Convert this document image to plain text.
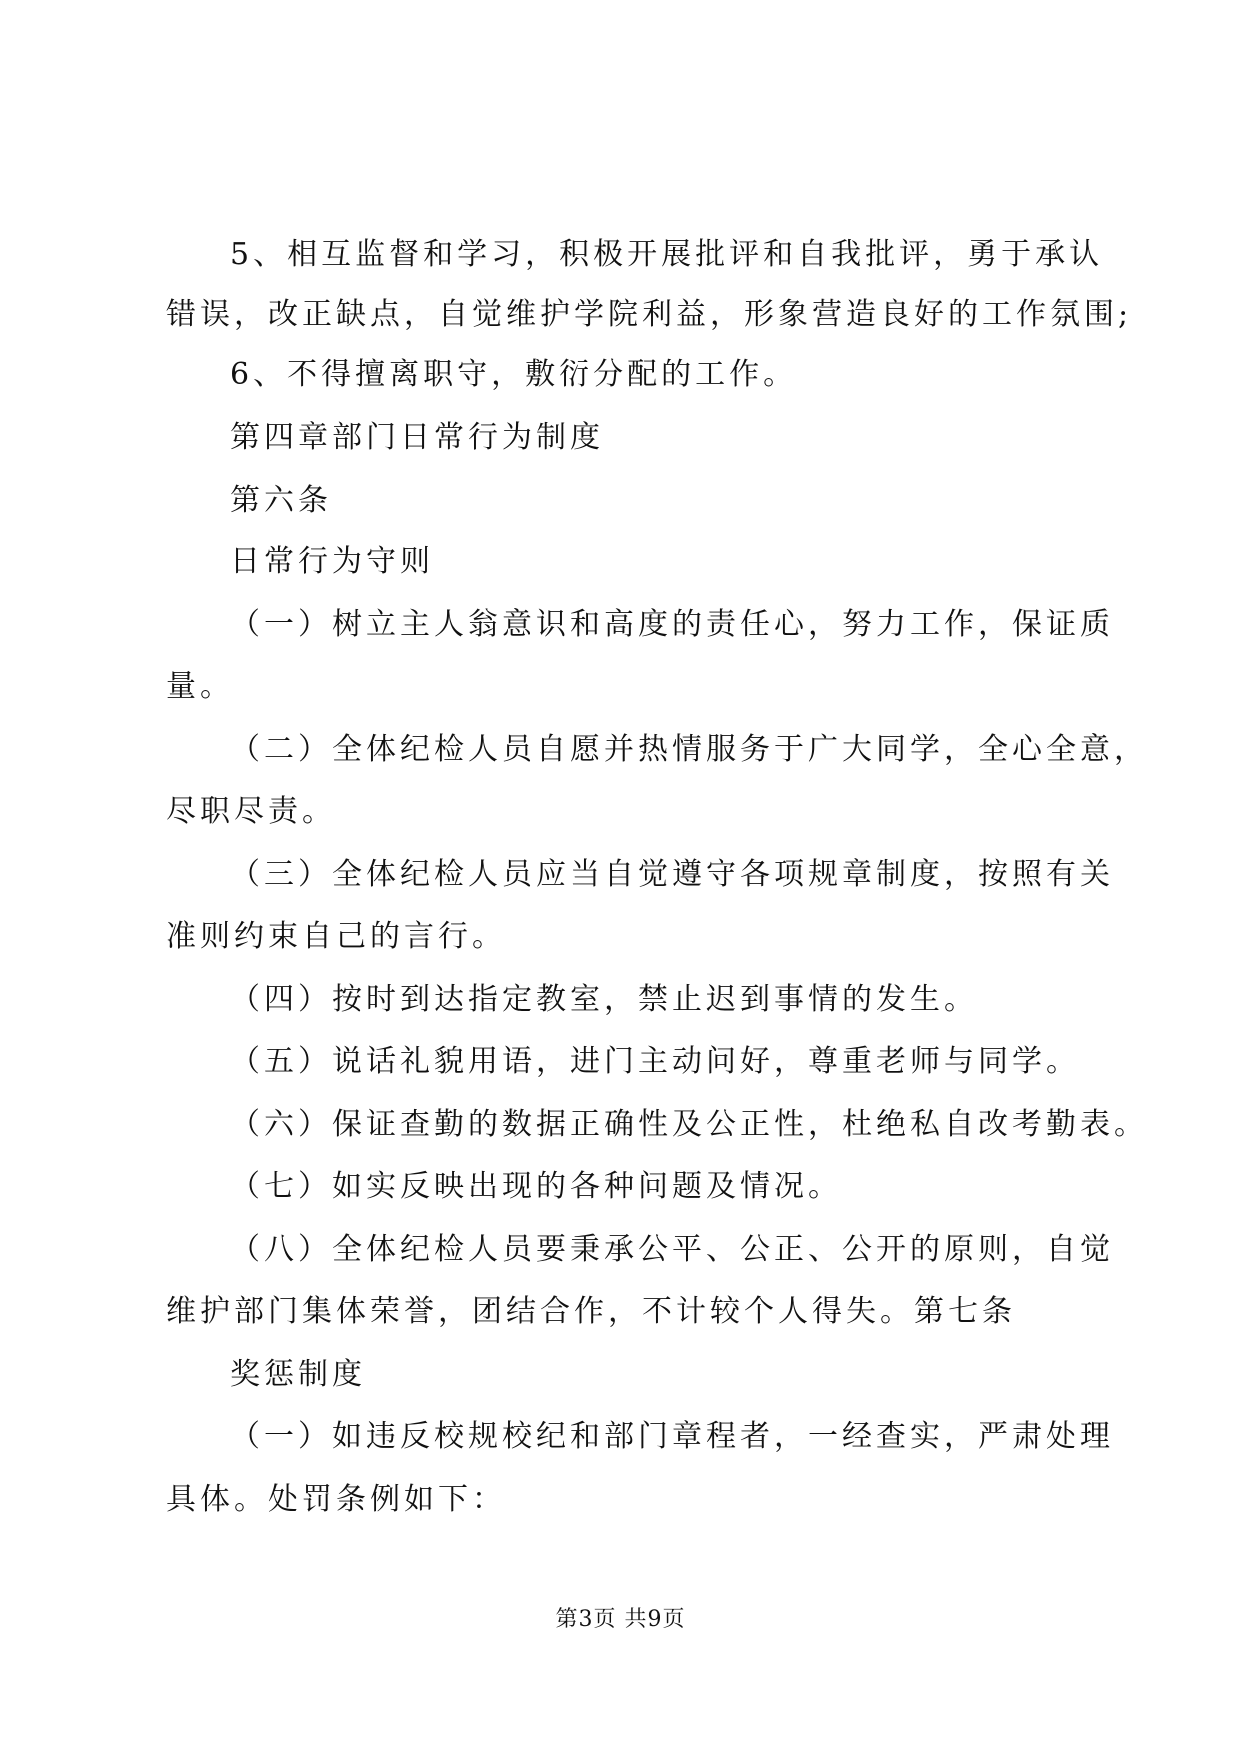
5、相互监督和学习，积极开展批评和自我批评，勇于承认
错误，改正缺点，自觉维护学院利益，形象营造良好的工作氛围;
6、不得擅离职守，敷衍分配的工作。
第四章部门日常行为制度
第六条
日常行为守则
（一）树立主人翁意识和高度的责任心，努力工作，保证质
量。
（二）全体纪检人员自愿并热情服务于广大同学，全心全意，
尽职尽责。
（三）全体纪检人员应当自觉遵守各项规章制度，按照有关
准则约束自己的言行。
（四）按时到达指定教室，禁止迟到事情的发生。
（五）说话礼貌用语，进门主动问好，尊重老师与同学。
（六）保证查勤的数据正确性及公正性，杜绝私自改考勤表。
（七）如实反映出现的各种问题及情况。
（八）全体纪检人员要秉承公平、公正、公开的原则，自觉
维护部门集体荣誉，团结合作，不计较个人得失。第七条
奖惩制度
（一）如违反校规校纪和部门章程者，一经查实，严肃处理
具体。处罚条例如下：
第3页 共9页
